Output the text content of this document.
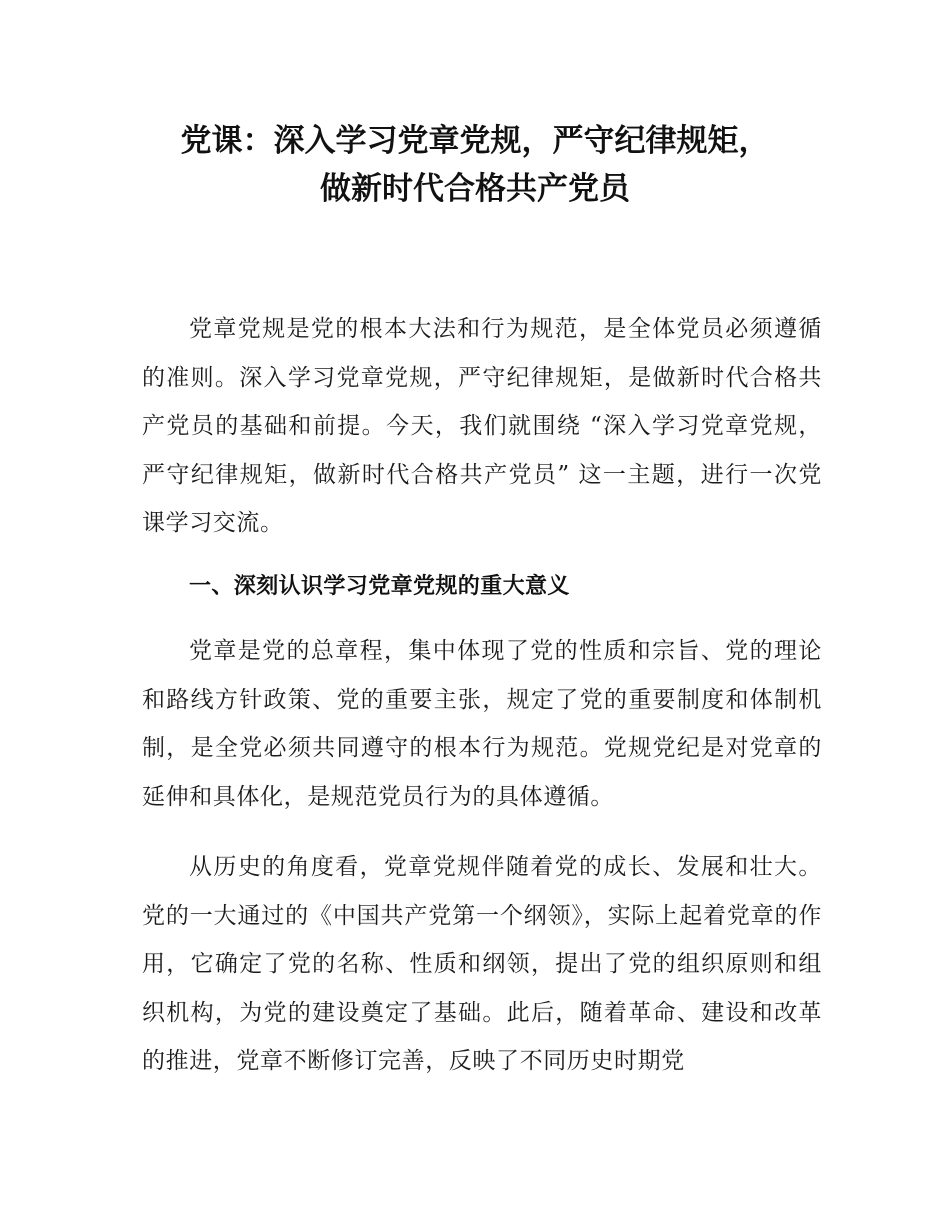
党课：深入学习党章党规，严守纪律规矩，
做新时代合格共产党员

党章党规是党的根本大法和行为规范，是全体党员必须遵循的准则。深入学习党章党规，严守纪律规矩，是做新时代合格共产党员的基础和前提。今天，我们就围绕 “深入学习党章党规，严守纪律规矩，做新时代合格共产党员” 这一主题，进行一次党课学习交流。

一、深刻认识学习党章党规的重大意义

党章是党的总章程，集中体现了党的性质和宗旨、党的理论和路线方针政策、党的重要主张，规定了党的重要制度和体制机制，是全党必须共同遵守的根本行为规范。党规党纪是对党章的延伸和具体化，是规范党员行为的具体遵循。

从历史的角度看，党章党规伴随着党的成长、发展和壮大。党的一大通过的《中国共产党第一个纲领》，实际上起着党章的作用，它确定了党的名称、性质和纲领，提出了党的组织原则和组织机构，为党的建设奠定了基础。此后，随着革命、建设和改革的推进，党章不断修订完善，反映了不同历史时期党
